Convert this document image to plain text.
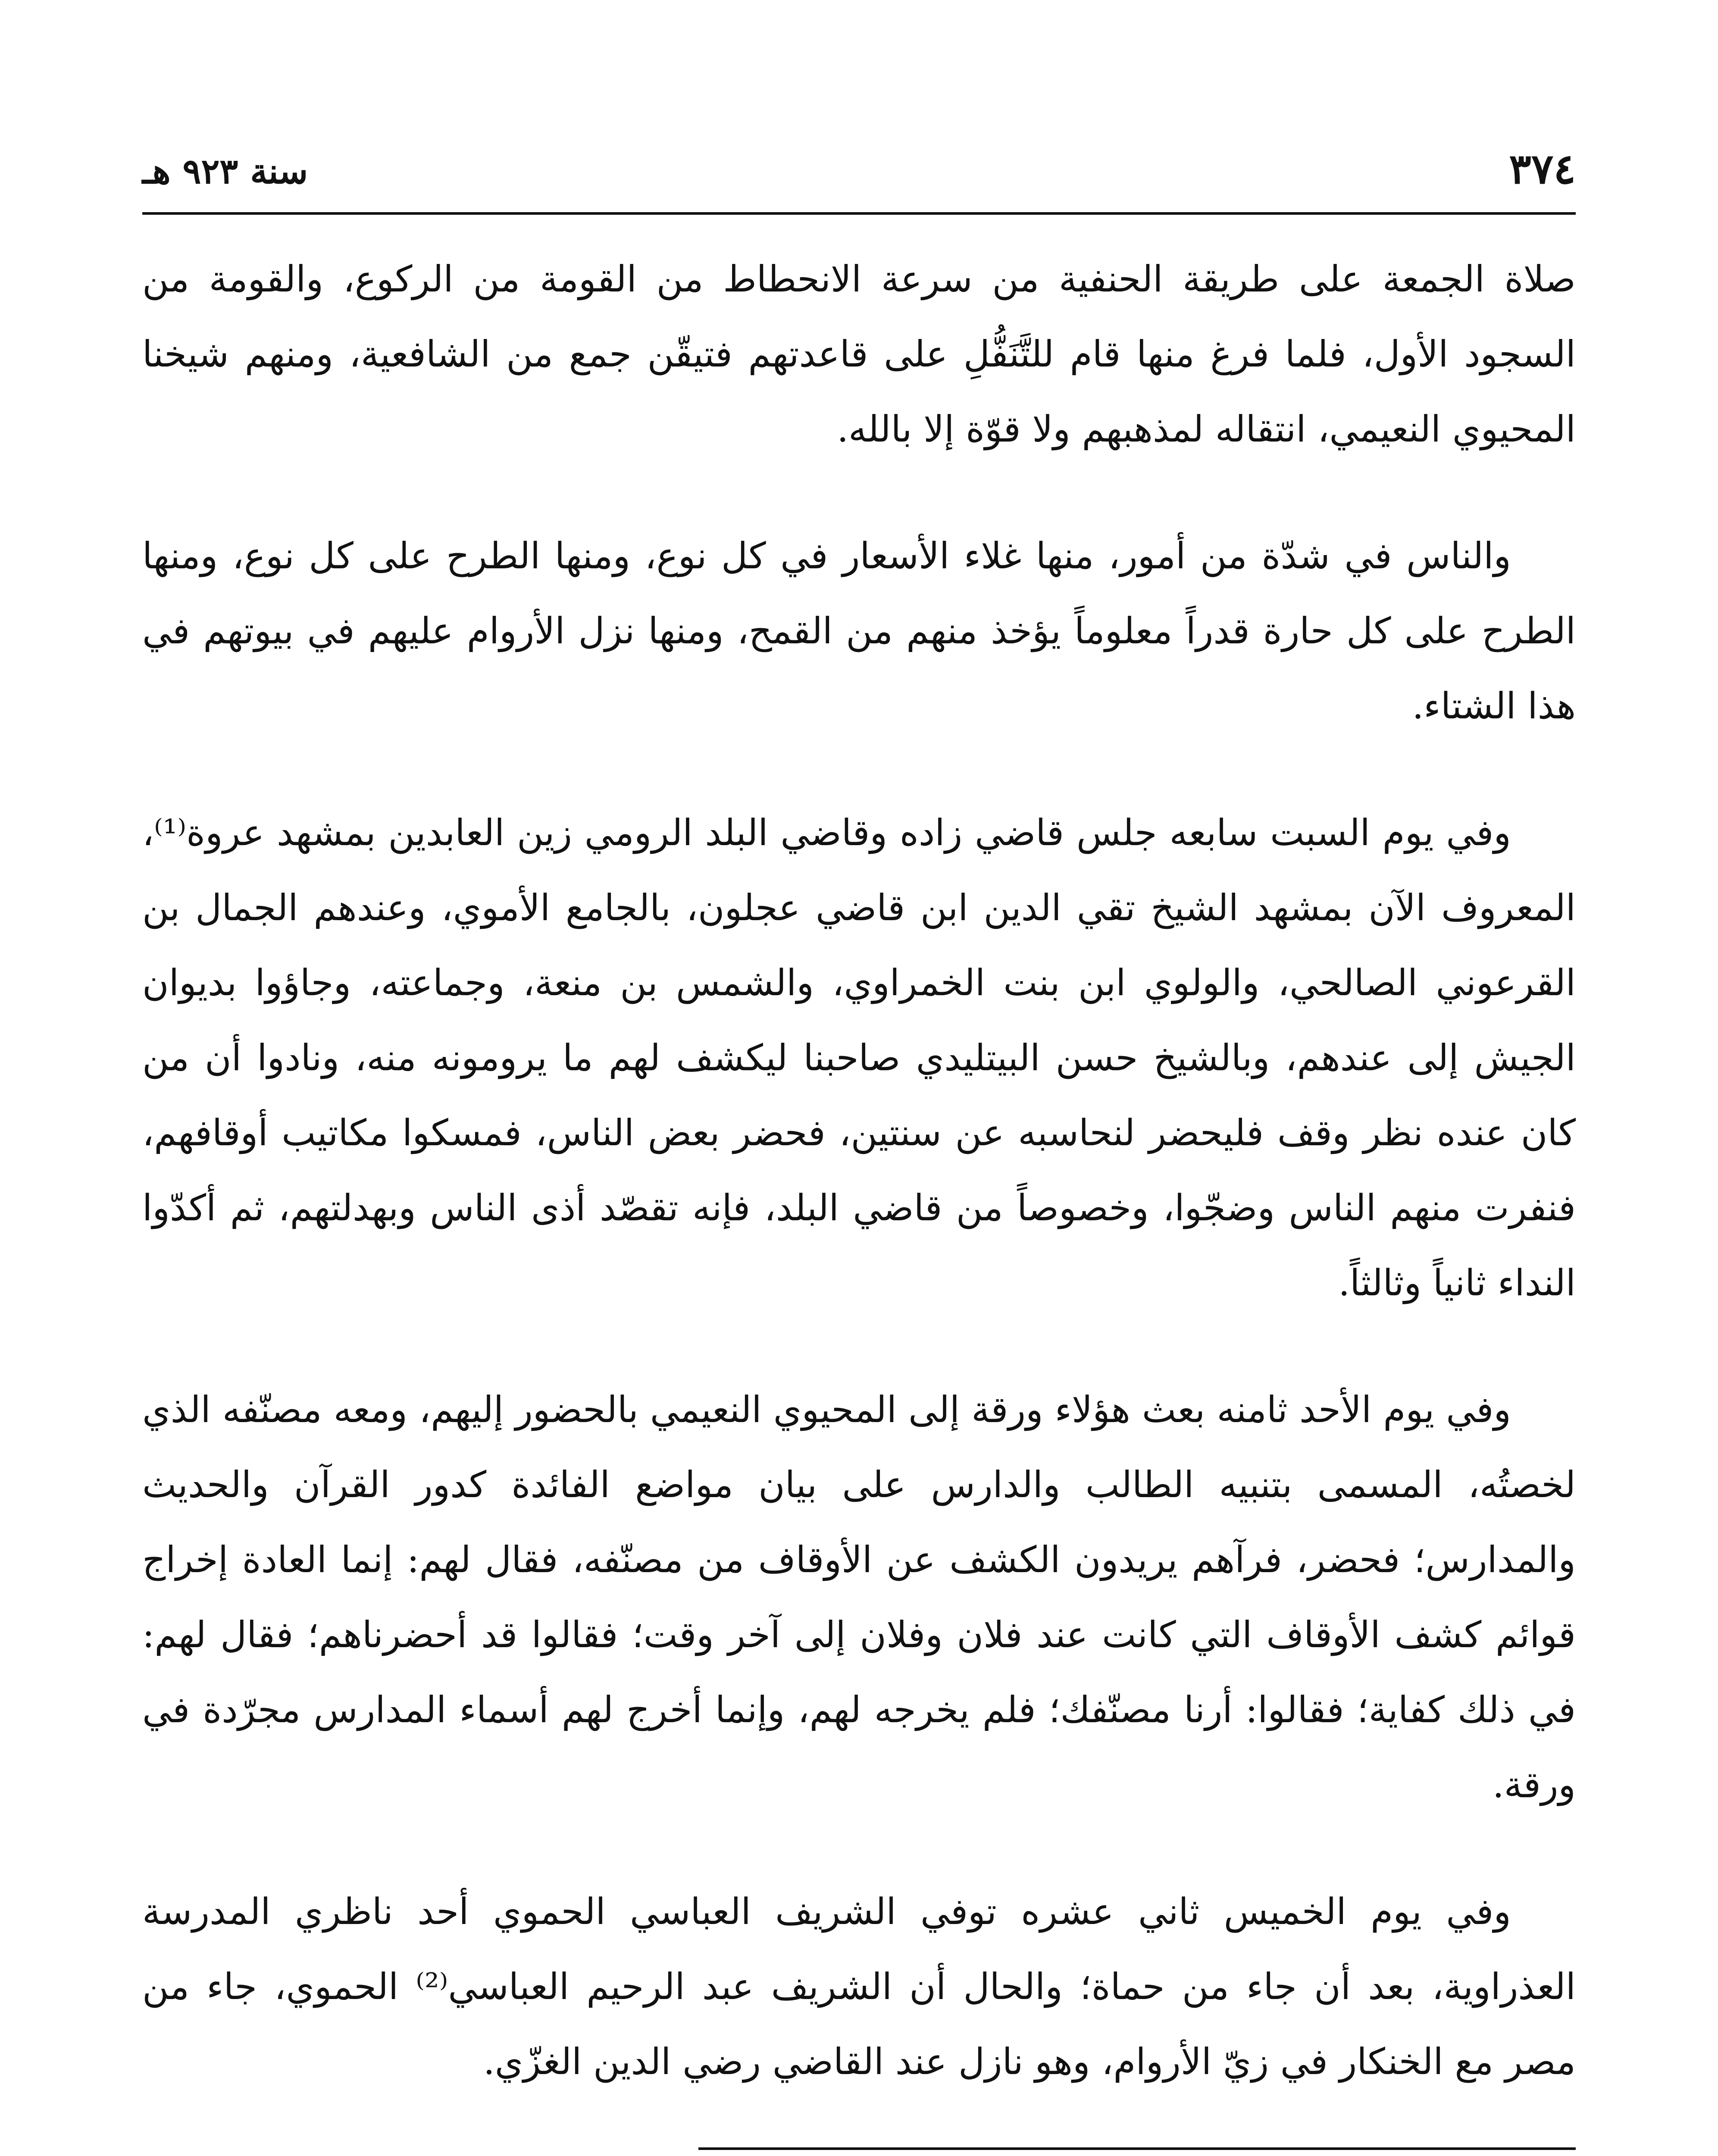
٣٧٤
سنة ٩٢٣ هـ

صلاة الجمعة على طريقة الحنفية من سرعة الانحطاط من القومة من الركوع، والقومة من السجود الأول، فلما فرغ منها قام للتَّنَفُّلِ على قاعدتهم فتيقّن جمع من الشافعية، ومنهم شيخنا المحيوي النعيمي، انتقاله لمذهبهم ولا قوّة إلا بالله.

والناس في شدّة من أمور، منها غلاء الأسعار في كل نوع، ومنها الطرح على كل نوع، ومنها الطرح على كل حارة قدراً معلوماً يؤخذ منهم من القمح، ومنها نزل الأروام عليهم في بيوتهم في هذا الشتاء.

وفي يوم السبت سابعه جلس قاضي زاده وقاضي البلد الرومي زين العابدين بمشهد عروة⁽¹⁾، المعروف الآن بمشهد الشيخ تقي الدين ابن قاضي عجلون، بالجامع الأموي، وعندهم الجمال بن القرعوني الصالحي، والولوي ابن بنت الخمراوي، والشمس بن منعة، وجماعته، وجاؤوا بديوان الجيش إلى عندهم، وبالشيخ حسن البيتليدي صاحبنا ليكشف لهم ما يرومونه منه، ونادوا أن من كان عنده نظر وقف فليحضر لنحاسبه عن سنتين، فحضر بعض الناس، فمسكوا مكاتيب أوقافهم، فنفرت منهم الناس وضجّوا، وخصوصاً من قاضي البلد، فإنه تقصّد أذى الناس وبهدلتهم، ثم أكدّوا النداء ثانياً وثالثاً.

وفي يوم الأحد ثامنه بعث هؤلاء ورقة إلى المحيوي النعيمي بالحضور إليهم، ومعه مصنّفه الذي لخصتُه، المسمى بتنبيه الطالب والدارس على بيان مواضع الفائدة كدور القرآن والحديث والمدارس؛ فحضر، فرآهم يريدون الكشف عن الأوقاف من مصنّفه، فقال لهم: إنما العادة إخراج قوائم كشف الأوقاف التي كانت عند فلان وفلان إلى آخر وقت؛ فقالوا قد أحضرناهم؛ فقال لهم: في ذلك كفاية؛ فقالوا: أرنا مصنّفك؛ فلم يخرجه لهم، وإنما أخرج لهم أسماء المدارس مجرّدة في ورقة.

وفي يوم الخميس ثاني عشره توفي الشريف العباسي الحموي أحد ناظري المدرسة العذراوية، بعد أن جاء من حماة؛ والحال أن الشريف عبد الرحيم العباسي⁽²⁾ الحموي، جاء من مصر مع الخنكار في زيّ الأروام، وهو نازل عند القاضي رضي الدين الغزّي.
